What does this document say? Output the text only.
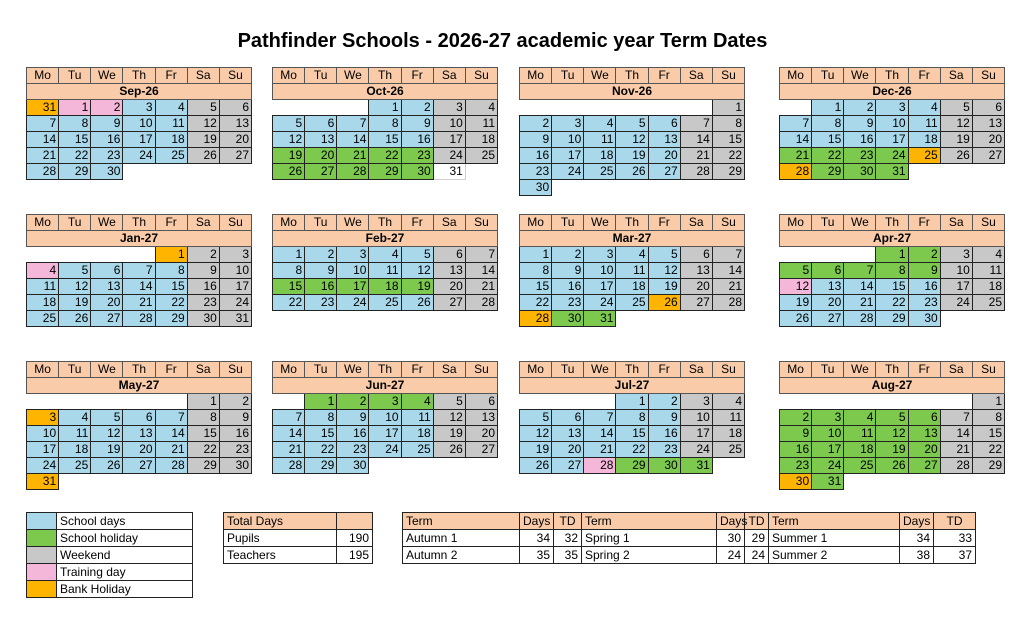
Pathfinder Schools - 2026-27 academic year Term Dates
Mo	Tu	We	Th	Fr	Sa	Su
Sep-26						
31	1	2	3	4	5	6
7	8	9	10	11	12	13
14	15	16	17	18	19	20
21	22	23	24	25	26	27
28	29	30				

Mo	Tu	We	Th	Fr	Sa	Su
Oct-26						
			1	2	3	4
5	6	7	8	9	10	11
12	13	14	15	16	17	18
19	20	21	22	23	24	25
26	27	28	29	30	31	

Mo	Tu	We	Th	Fr	Sa	Su
Nov-26						
						1
2	3	4	5	6	7	8
9	10	11	12	13	14	15
16	17	18	19	20	21	22
23	24	25	26	27	28	29
30						
Mo	Tu	We	Th	Fr	Sa	Su
Dec-26						
	1	2	3	4	5	6
7	8	9	10	11	12	13
14	15	16	17	18	19	20
21	22	23	24	25	26	27
28	29	30	31			

Mo	Tu	We	Th	Fr	Sa	Su
Jan-27						
				1	2	3
4	5	6	7	8	9	10
11	12	13	14	15	16	17
18	19	20	21	22	23	24
25	26	27	28	29	30	31

Mo	Tu	We	Th	Fr	Sa	Su
Feb-27						
1	2	3	4	5	6	7
8	9	10	11	12	13	14
15	16	17	18	19	20	21
22	23	24	25	26	27	28

Mo	Tu	We	Th	Fr	Sa	Su
Mar-27						
1	2	3	4	5	6	7
8	9	10	11	12	13	14
15	16	17	18	19	20	21
22	23	24	25	26	27	28
28	30	31				

Mo	Tu	We	Th	Fr	Sa	Su
Apr-27						
			1	2	3	4
5	6	7	8	9	10	11
12	13	14	15	16	17	18
19	20	21	22	23	24	25
26	27	28	29	30		

Mo	Tu	We	Th	Fr	Sa	Su
May-27						
					1	2
3	4	5	6	7	8	9
10	11	12	13	14	15	16
17	18	19	20	21	22	23
24	25	26	27	28	29	30
31						
Mo	Tu	We	Th	Fr	Sa	Su
Jun-27						
	1	2	3	4	5	6
7	8	9	10	11	12	13
14	15	16	17	18	19	20
21	22	23	24	25	26	27
28	29	30				

Mo	Tu	We	Th	Fr	Sa	Su
Jul-27						
			1	2	3	4
5	6	7	8	9	10	11
12	13	14	15	16	17	18
19	20	21	22	23	24	25
26	27	28	29	30	31	

Mo	Tu	We	Th	Fr	Sa	Su
Aug-27						
						1
2	3	4	5	6	7	8
9	10	11	12	13	14	15
16	17	18	19	20	21	22
23	24	25	26	27	28	29
30	31					
	School days
	School holiday
	Weekend
	Training day
	Bank Holiday
Total Days	
Pupils	190
Teachers	195
Term	Days	TD	Term	Days	TD	Term	Days	TD
Autumn 1	34	32	Spring 1	30	29	Summer 1	34	33
Autumn 2	35	35	Spring 2	24	24	Summer 2	38	37
